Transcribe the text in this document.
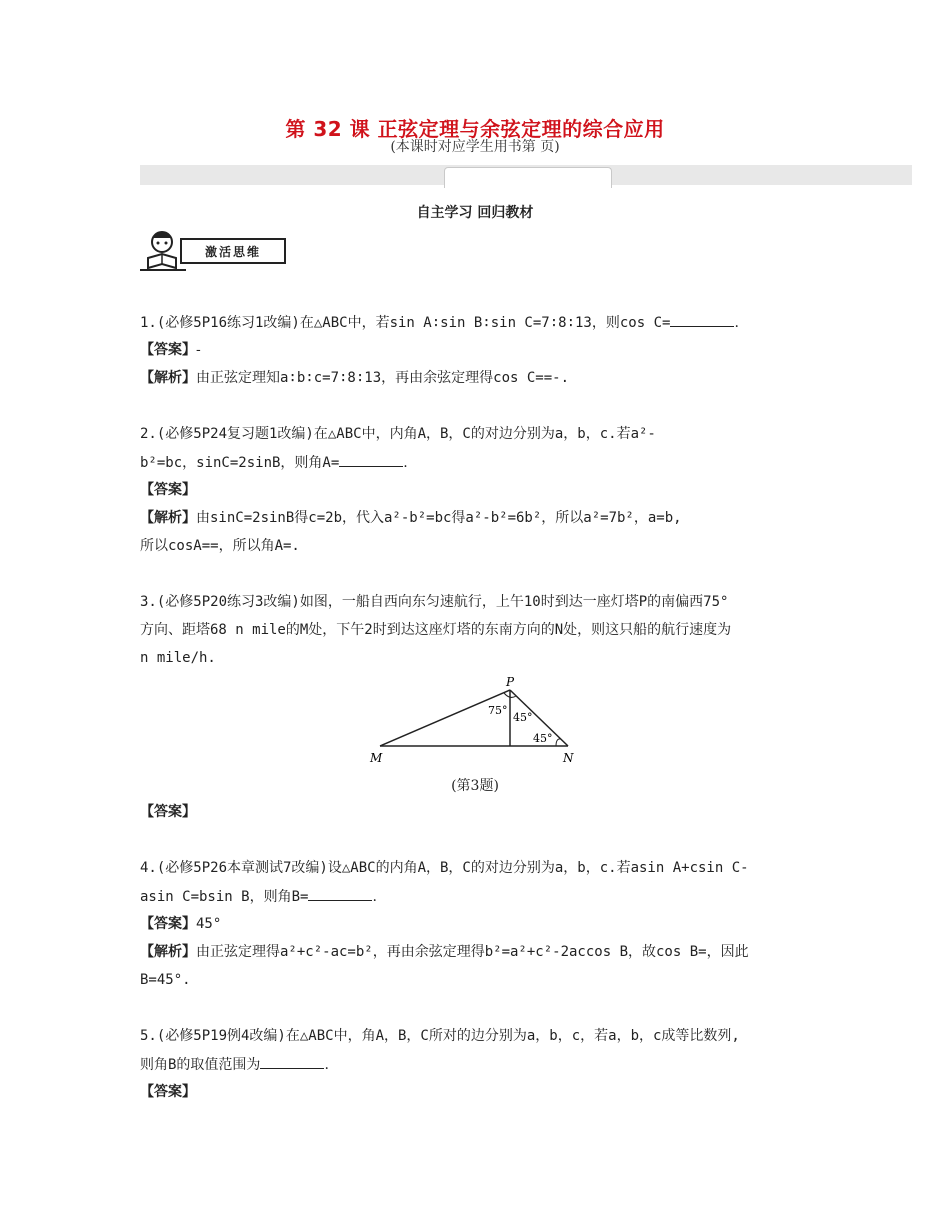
第 32 课 正弦定理与余弦定理的综合应用
(本课时对应学生用书第 页)
自主学习 回归教材
激活思维
1.(必修5P16练习1改编)在△ABC中，若sin A∶sin B∶sin C=7∶8∶13，则cos C=	.
【答案】-
【解析】由正弦定理知a∶b∶c=7∶8∶13，再由余弦定理得cos C==-.
2.(必修5P24复习题1改编)在△ABC中，内角A，B，C的对边分别为a，b，c.若a²-
b²=bc，sinC=2sinB，则角A=	.
【答案】
【解析】由sinC=2sinB得c=2b，代入a²-b²=bc得a²-b²=6b²，所以a²=7b²，a=b,
所以cosA==，所以角A=.
3.(必修5P20练习3改编)如图，一船自西向东匀速航行，上午10时到达一座灯塔P的南偏西75°
方向、距塔68 n mile的M处，下午2时到达这座灯塔的东南方向的N处，则这只船的航行速度为
n mile/h.
P
M	N
75°
45°
45°
(第3题)
【答案】
4.(必修5P26本章测试7改编)设△ABC的内角A，B，C的对边分别为a，b，c.若asin A+csin C-
asin C=bsin B，则角B=	.
【答案】45°
【解析】由正弦定理得a²+c²-ac=b²，再由余弦定理得b²=a²+c²-2accos B，故cos B=，因此
B=45°.
5.(必修5P19例4改编)在△ABC中，角A，B，C所对的边分别为a，b，c，若a，b，c成等比数列,
则角B的取值范围为	.
【答案】
